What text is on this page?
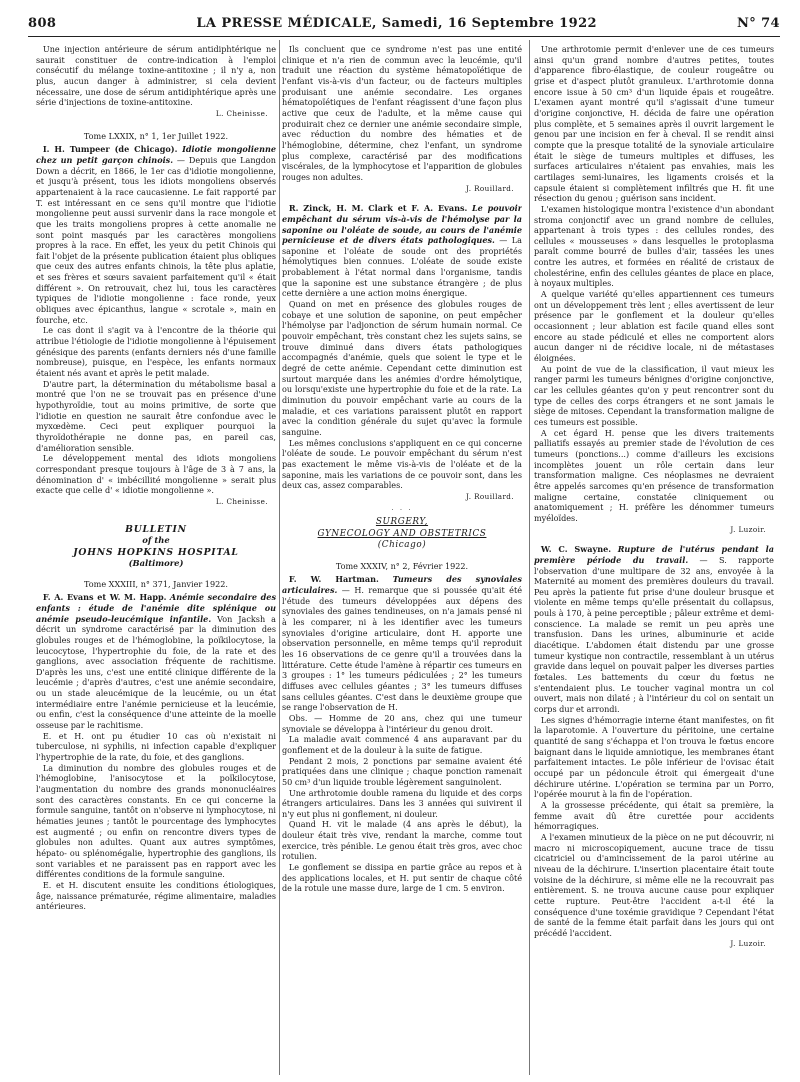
808	LA PRESSE MÉDICALE, Samedi, 16 Septembre 1922	N° 74

Une injection antérieure de sérum antidiphtérique ne saurait constituer de contre-indication à l'emploi consécutif du mélange toxine-antitoxine ; il n'y a, non plus, aucun danger à administrer, si cela devient nécessaire, une dose de sérum antidiphtérique après une série d'injections de toxine-antitoxine.

L. Cheinisse.
Tome LXXIX, n° 1, 1er Juillet 1922.

I. H. Tumpeer (de Chicago). Idiotie mongolienne chez un petit garçon chinois. — Depuis que Langdon Down a décrit, en 1866, le 1er cas d'idiotie mongolienne, et jusqu'à présent, tous les idiots mongoliens observés appartenaient à la race caucasienne. Le fait rapporté par T. est intéressant en ce sens qu'il montre que l'idiotie mongolienne peut aussi survenir dans la race mongole et que les traits mongoliens propres à cette anomalie ne sont point masqués par les caractères mongoliens propres à la race. En effet, les yeux du petit Chinois qui fait l'objet de la présente publication étaient plus obliques que ceux des autres enfants chinois, la tête plus aplatie, et ses frères et sœurs savaient parfaitement qu'il « était différent ». On retrouvait, chez lui, tous les caractères typiques de l'idiotie mongolienne : face ronde, yeux obliques avec épicanthus, langue « scrotale », main en fourche, etc.

Le cas dont il s'agit va à l'encontre de la théorie qui attribue l'étiologie de l'idiotie mongolienne à l'épuisement génésique des parents (enfants derniers nés d'une famille nombreuse), puisque, en l'espèce, les enfants normaux étaient nés avant et après le petit malade.

D'autre part, la détermination du métabolisme basal a montré que l'on ne se trouvait pas en présence d'une hypothyroïdie, tout au moins primitive, de sorte que l'idiotie en question ne saurait être confondue avec le myxœdème. Ceci peut expliquer pourquoi la thyroïdothérapie ne donne pas, en pareil cas, d'amélioration sensible.

Le développement mental des idiots mongoliens correspondant presque toujours à l'âge de 3 à 7 ans, la dénomination d' « imbécillité mongolienne » serait plus exacte que celle d' « idiotie mongolienne ».

L. Cheinisse.
BULLETIN
of the
JOHNS HOPKINS HOSPITAL
(Baltimore)
Tome XXXIII, n° 371, Janvier 1922.

F. A. Evans et W. M. Happ. Anémie secondaire des enfants : étude de l'anémie dite splénique ou anémie pseudo-leucémique infantile. Von Jacksh a décrit un syndrome caractérisé par la diminution des globules rouges et de l'hémoglobine, la poïkilocytose, la leucocytose, l'hypertrophie du foie, de la rate et des ganglions, avec association fréquente de rachitisme. D'après les uns, c'est une entité clinique différente de la leucémie ; d'après d'autres, c'est une anémie secondaire, ou un stade aleucémique de la leucémie, ou un état intermédiaire entre l'anémie pernicieuse et la leucémie, ou enfin, c'est la conséquence d'une atteinte de la moelle osseuse par le rachitisme.

E. et H. ont pu étudier 10 cas où n'existait ni tuberculose, ni syphilis, ni infection capable d'expliquer l'hypertrophie de la rate, du foie, et des ganglions.

La diminution du nombre des globules rouges et de l'hémoglobine, l'anisocytose et la poïkilocytose, l'augmentation du nombre des grands mononucléaires sont des caractères constants. En ce qui concerne la formule sanguine, tantôt on n'observe ni lymphocytose, ni hématies jeunes ; tantôt le pourcentage des lymphocytes est augmenté ; ou enfin on rencontre divers types de globules non adultes. Quant aux autres symptômes, hépato- ou splénomégalie, hypertrophie des ganglions, ils sont variables et ne paraissent pas en rapport avec les différentes conditions de la formule sanguine.

E. et H. discutent ensuite les conditions étiologiques, âge, naissance prématurée, régime alimentaire, maladies antérieures.

Ils concluent que ce syndrome n'est pas une entité clinique et n'a rien de commun avec la leucémie, qu'il traduit une réaction du système hématopoïétique de l'enfant vis-à-vis d'un facteur, ou de facteurs multiples produisant une anémie secondaire. Les organes hématopoïétiques de l'enfant réagissent d'une façon plus active que ceux de l'adulte, et la même cause qui produirait chez ce dernier une anémie secondaire simple, avec réduction du nombre des hématies et de l'hémoglobine, détermine, chez l'enfant, un syndrome plus complexe, caractérisé par des modifications viscérales, de la lymphocytose et l'apparition de globules rouges non adultes.

J. Rouillard.

R. Zinck, H. M. Clark et F. A. Evans. Le pouvoir empêchant du sérum vis-à-vis de l'hémolyse par la saponine ou l'oléate de soude, au cours de l'anémie pernicieuse et de divers états pathologiques. — La saponine et l'oléate de soude ont des propriétés hémolytiques bien connues. L'oléate de soude existe probablement à l'état normal dans l'organisme, tandis que la saponine est une substance étrangère ; de plus cette dernière a une action moins énergique.

Quand on met en présence des globules rouges de cobaye et une solution de saponine, on peut empêcher l'hémolyse par l'adjonction de sérum humain normal. Ce pouvoir empêchant, très constant chez les sujets sains, se trouve diminué dans divers états pathologiques accompagnés d'anémie, quels que soient le type et le degré de cette anémie. Cependant cette diminution est surtout marquée dans les anémies d'ordre hémolytique, ou lorsqu'existe une hypertrophie du foie et de la rate. La diminution du pouvoir empêchant varie au cours de la maladie, et ces variations paraissent plutôt en rapport avec la condition générale du sujet qu'avec la formule sanguine.

Les mêmes conclusions s'appliquent en ce qui concerne l'oléate de soude. Le pouvoir empêchant du sérum n'est pas exactement le même vis-à-vis de l'oléate et de la saponine, mais les variations de ce pouvoir sont, dans les deux cas, assez comparables.

J. Rouillard.
· · ·
SURGERY,
GYNECOLOGY AND OBSTETRICS
(Chicago)
Tome XXXIV, n° 2, Février 1922.

F. W. Hartman. Tumeurs des synoviales articulaires. — H. remarque que si poussée qu'ait été l'étude des tumeurs développées aux dépens des synoviales des gaines tendineuses, on n'a jamais pensé ni à les comparer, ni à les identifier avec les tumeurs synoviales d'origine articulaire, dont H. apporte une observation personnelle, en même temps qu'il reproduit les 16 observations de ce genre qu'il a trouvées dans la littérature. Cette étude l'amène à répartir ces tumeurs en 3 groupes : 1° les tumeurs pédiculées ; 2° les tumeurs diffuses avec cellules géantes ; 3° les tumeurs diffuses sans cellules géantes. C'est dans le deuxième groupe que se range l'observation de H.

Obs. — Homme de 20 ans, chez qui une tumeur synoviale se développa à l'intérieur du genou droit.

La maladie avait commencé 4 ans auparavant par du gonflement et de la douleur à la suite de fatigue.

Pendant 2 mois, 2 ponctions par semaine avaient été pratiquées dans une clinique ; chaque ponction ramenait 50 cm³ d'un liquide trouble légèrement sanguinolent.

Une arthrotomie double ramena du liquide et des corps étrangers articulaires. Dans les 3 années qui suivirent il n'y eut plus ni gonflement, ni douleur.

Quand H. vit le malade (4 ans après le début), la douleur était très vive, rendant la marche, comme tout exercice, très pénible. Le genou était très gros, avec choc rotulien.

Le gonflement se dissipa en partie grâce au repos et à des applications locales, et H. put sentir de chaque côté de la rotule une masse dure, large de 1 cm. 5 environ.

Une arthrotomie permit d'enlever une de ces tumeurs ainsi qu'un grand nombre d'autres petites, toutes d'apparence fibro-élastique, de couleur rougeâtre ou grise et d'aspect plutôt granuleux. L'arthrotomie donna encore issue à 50 cm³ d'un liquide épais et rougeâtre. L'examen ayant montré qu'il s'agissait d'une tumeur d'origine conjonctive, H. décida de faire une opération plus complète, et 5 semaines après il ouvrit largement le genou par une incision en fer à cheval. Il se rendit ainsi compte que la presque totalité de la synoviale articulaire était le siège de tumeurs multiples et diffuses, les surfaces articulaires n'étaient pas envahies, mais les cartilages semi-lunaires, les ligaments croisés et la capsule étaient si complètement infiltrés que H. fit une résection du genou ; guérison sans incident.

L'examen histologique montra l'existence d'un abondant stroma conjonctif avec un grand nombre de cellules, appartenant à trois types : des cellules rondes, des cellules « mousseuses » dans lesquelles le protoplasma paraît comme bourré de bulles d'air, tassées les unes contre les autres, et formées en réalité de cristaux de cholestérine, enfin des cellules géantes de place en place, à noyaux multiples.

A quelque variété qu'elles appartiennent ces tumeurs ont un développement très lent ; elles avertissent de leur présence par le gonflement et la douleur qu'elles occasionnent ; leur ablation est facile quand elles sont encore au stade pédiculé et elles ne comportent alors aucun danger ni de récidive locale, ni de métastases éloignées.

Au point de vue de la classification, il vaut mieux les ranger parmi les tumeurs bénignes d'origine conjonctive, car les cellules géantes qu'on y peut rencontrer sont du type de celles des corps étrangers et ne sont jamais le siège de mitoses. Cependant la transformation maligne de ces tumeurs est possible.

A cet égard H. pense que les divers traitements palliatifs essayés au premier stade de l'évolution de ces tumeurs (ponctions...) comme d'ailleurs les excisions incomplètes jouent un rôle certain dans leur transformation maligne. Ces néoplasmes ne devraient être appelés sarcomes qu'en présence de transformation maligne certaine, constatée cliniquement ou anatomiquement ; H. préfère les dénommer tumeurs myéloïdes.

J. Luzoir.

W. C. Swayne. Rupture de l'utérus pendant la première période du travail. — S. rapporte l'observation d'une multipare de 32 ans, envoyée à la Maternité au moment des premières douleurs du travail. Peu après la patiente fut prise d'une douleur brusque et violente en même temps qu'elle présentait du collapsus, pouls à 170, à peine perceptible ; pâleur extrême et demi-conscience. La malade se remit un peu après une transfusion. Dans les urines, albuminurie et acide diacétique. L'abdomen était distendu par une grosse tumeur kystique non contractile, ressemblant à un utérus gravide dans lequel on pouvait palper les diverses parties fœtales. Les battements du cœur du fœtus ne s'entendaient plus. Le toucher vaginal montra un col ouvert, mais non dilaté ; à l'intérieur du col on sentait un corps dur et arrondi.

Les signes d'hémorragie interne étant manifestes, on fit la laparotomie. A l'ouverture du péritoine, une certaine quantité de sang s'échappa et l'on trouva le fœtus encore baignant dans le liquide amniotique, les membranes étant parfaitement intactes. Le pôle inférieur de l'ovisac était occupé par un pédoncule étroit qui émergeait d'une déchirure utérine. L'opération se termina par un Porro, l'opérée mourut à la fin de l'opération.

A la grossesse précédente, qui était sa première, la femme avait dû être curettée pour accidents hémorragiques.

A l'examen minutieux de la pièce on ne put découvrir, ni macro ni microscopiquement, aucune trace de tissu cicatriciel ou d'amincissement de la paroi utérine au niveau de la déchirure. L'insertion placentaire était toute voisine de la déchirure, si même elle ne la recouvrait pas entièrement. S. ne trouva aucune cause pour expliquer cette rupture. Peut-être l'accident a-t-il été la conséquence d'une toxémie gravidique ? Cependant l'état de santé de la femme était parfait dans les jours qui ont précédé l'accident.

J. Luzoir.
